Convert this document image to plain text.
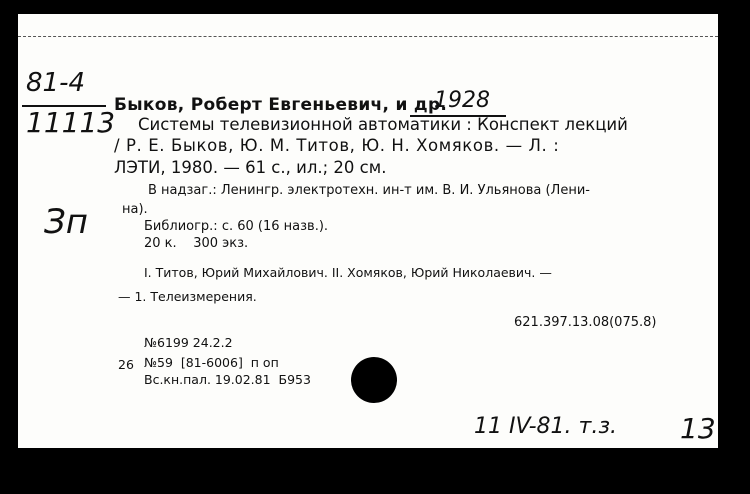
81-4
11113
Зп
Быков, Роберт Евгеньевич, и др.
1928
Системы телевизионной автоматики : Конспект лекций
/ Р. Е. Быков, Ю. М. Титов, Ю. Н. Хомяков. — Л. :
ЛЭТИ, 1980. — 61 с., ил.; 20 см.
В надзаг.: Ленингр. электротехн. ин-т им. В. И. Ульянова (Лени-
на).
Библиогр.: с. 60 (16 назв.).
20 к.    300 экз.
I. Титов, Юрий Михайлович. II. Хомяков, Юрий Николаевич. —
— 1. Телеизмерения.
621.397.13.08(075.8)
№6199 24.2.2
26 №59  [81-6006]  п оп
Вс.кн.пал. 19.02.81  Б953
11 IV-81. т.з. 13
